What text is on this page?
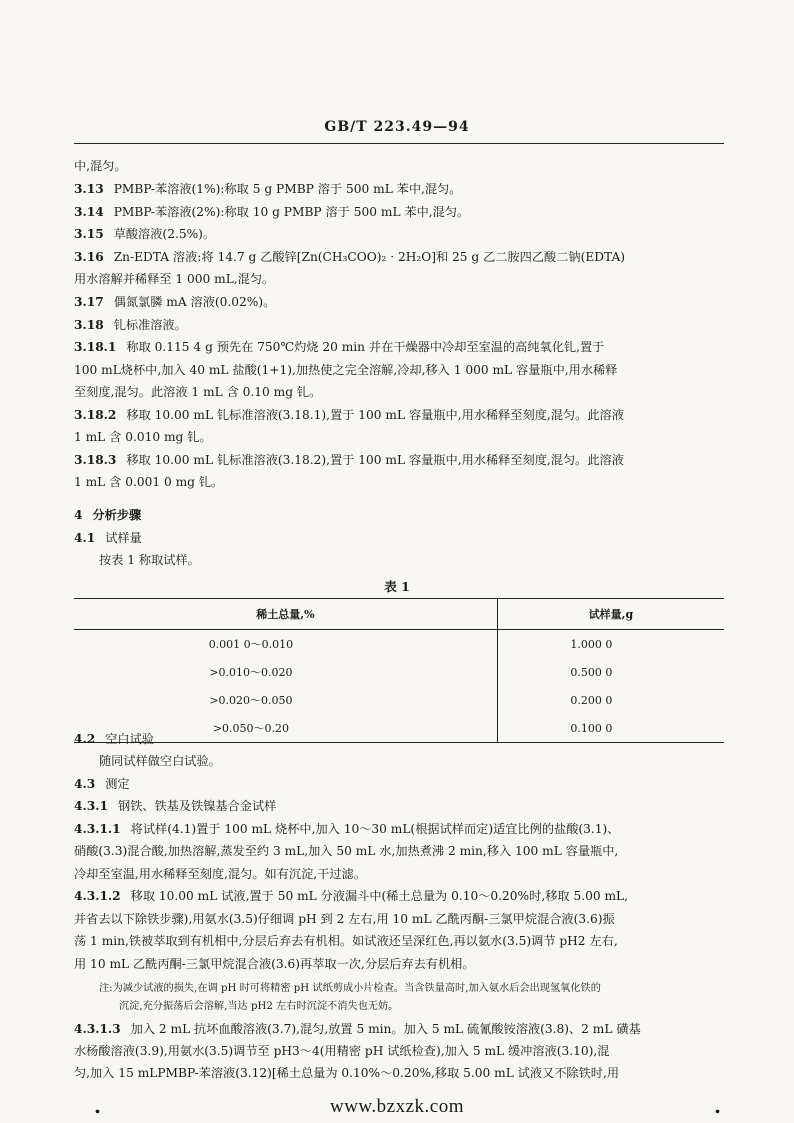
GB/T 223.49—94
中,混匀。
3.13 PMBP-苯溶液(1%):称取 5 g PMBP 溶于 500 mL 苯中,混匀。
3.14 PMBP-苯溶液(2%):称取 10 g PMBP 溶于 500 mL 苯中,混匀。
3.15 草酸溶液(2.5%)。
3.16 Zn-EDTA 溶液:将 14.7 g 乙酸锌[Zn(CH₃COO)₂ · 2H₂O]和 25 g 乙二胺四乙酸二钠(EDTA)
用水溶解并稀释至 1 000 mL,混匀。
3.17 偶氮氯膦 mA 溶液(0.02%)。
3.18 钆标准溶液。
3.18.1 称取 0.115 4 g 预先在 750℃灼烧 20 min 并在干燥器中冷却至室温的高纯氧化钆,置于
100 mL烧杯中,加入 40 mL 盐酸(1+1),加热使之完全溶解,冷却,移入 1 000 mL 容量瓶中,用水稀释
至刻度,混匀。此溶液 1 mL 含 0.10 mg 钆。
3.18.2 移取 10.00 mL 钆标准溶液(3.18.1),置于 100 mL 容量瓶中,用水稀释至刻度,混匀。此溶液
1 mL 含 0.010 mg 钆。
3.18.3 移取 10.00 mL 钆标准溶液(3.18.2),置于 100 mL 容量瓶中,用水稀释至刻度,混匀。此溶液
1 mL 含 0.001 0 mg 钆。
4 分析步骤
4.1 试样量
按表 1 称取试样。
表 1
稀土总量,%	试样量,g
0.001 0～0.010	1.000 0
>0.010～0.020	0.500 0
>0.020～0.050	0.200 0
>0.050～0.20	0.100 0
4.2 空白试验
随同试样做空白试验。
4.3 测定
4.3.1 钢铁、铁基及铁镍基合金试样
4.3.1.1 将试样(4.1)置于 100 mL 烧杯中,加入 10～30 mL(根据试样而定)适宜比例的盐酸(3.1)、
硝酸(3.3)混合酸,加热溶解,蒸发至约 3 mL,加入 50 mL 水,加热煮沸 2 min,移入 100 mL 容量瓶中,
冷却至室温,用水稀释至刻度,混匀。如有沉淀,干过滤。
4.3.1.2 移取 10.00 mL 试液,置于 50 mL 分液漏斗中(稀土总量为 0.10～0.20%时,移取 5.00 mL,
并省去以下除铁步骤),用氨水(3.5)仔细调 pH 到 2 左右,用 10 mL 乙酰丙酮-三氯甲烷混合液(3.6)振
荡 1 min,铁被萃取到有机相中,分层后弃去有机相。如试液还呈深红色,再以氨水(3.5)调节 pH2 左右,
用 10 mL 乙酰丙酮-三氯甲烷混合液(3.6)再萃取一次,分层后弃去有机相。
注:为减少试液的损失,在调 pH 时可将精密 pH 试纸剪成小片检查。当含铁量高时,加入氨水后会出现氢氧化铁的
沉淀,充分振荡后会溶解,当达 pH2 左右时沉淀不消失也无妨。
4.3.1.3 加入 2 mL 抗坏血酸溶液(3.7),混匀,放置 5 min。加入 5 mL 硫氰酸铵溶液(3.8)、2 mL 磺基
水杨酸溶液(3.9),用氨水(3.5)调节至 pH3～4(用精密 pH 试纸检查),加入 5 mL 缓冲溶液(3.10),混
匀,加入 15 mLPMBP-苯溶液(3.12)[稀土总量为 0.10%～0.20%,移取 5.00 mL 试液又不除铁时,用
.	www.bzxzk.com	.
